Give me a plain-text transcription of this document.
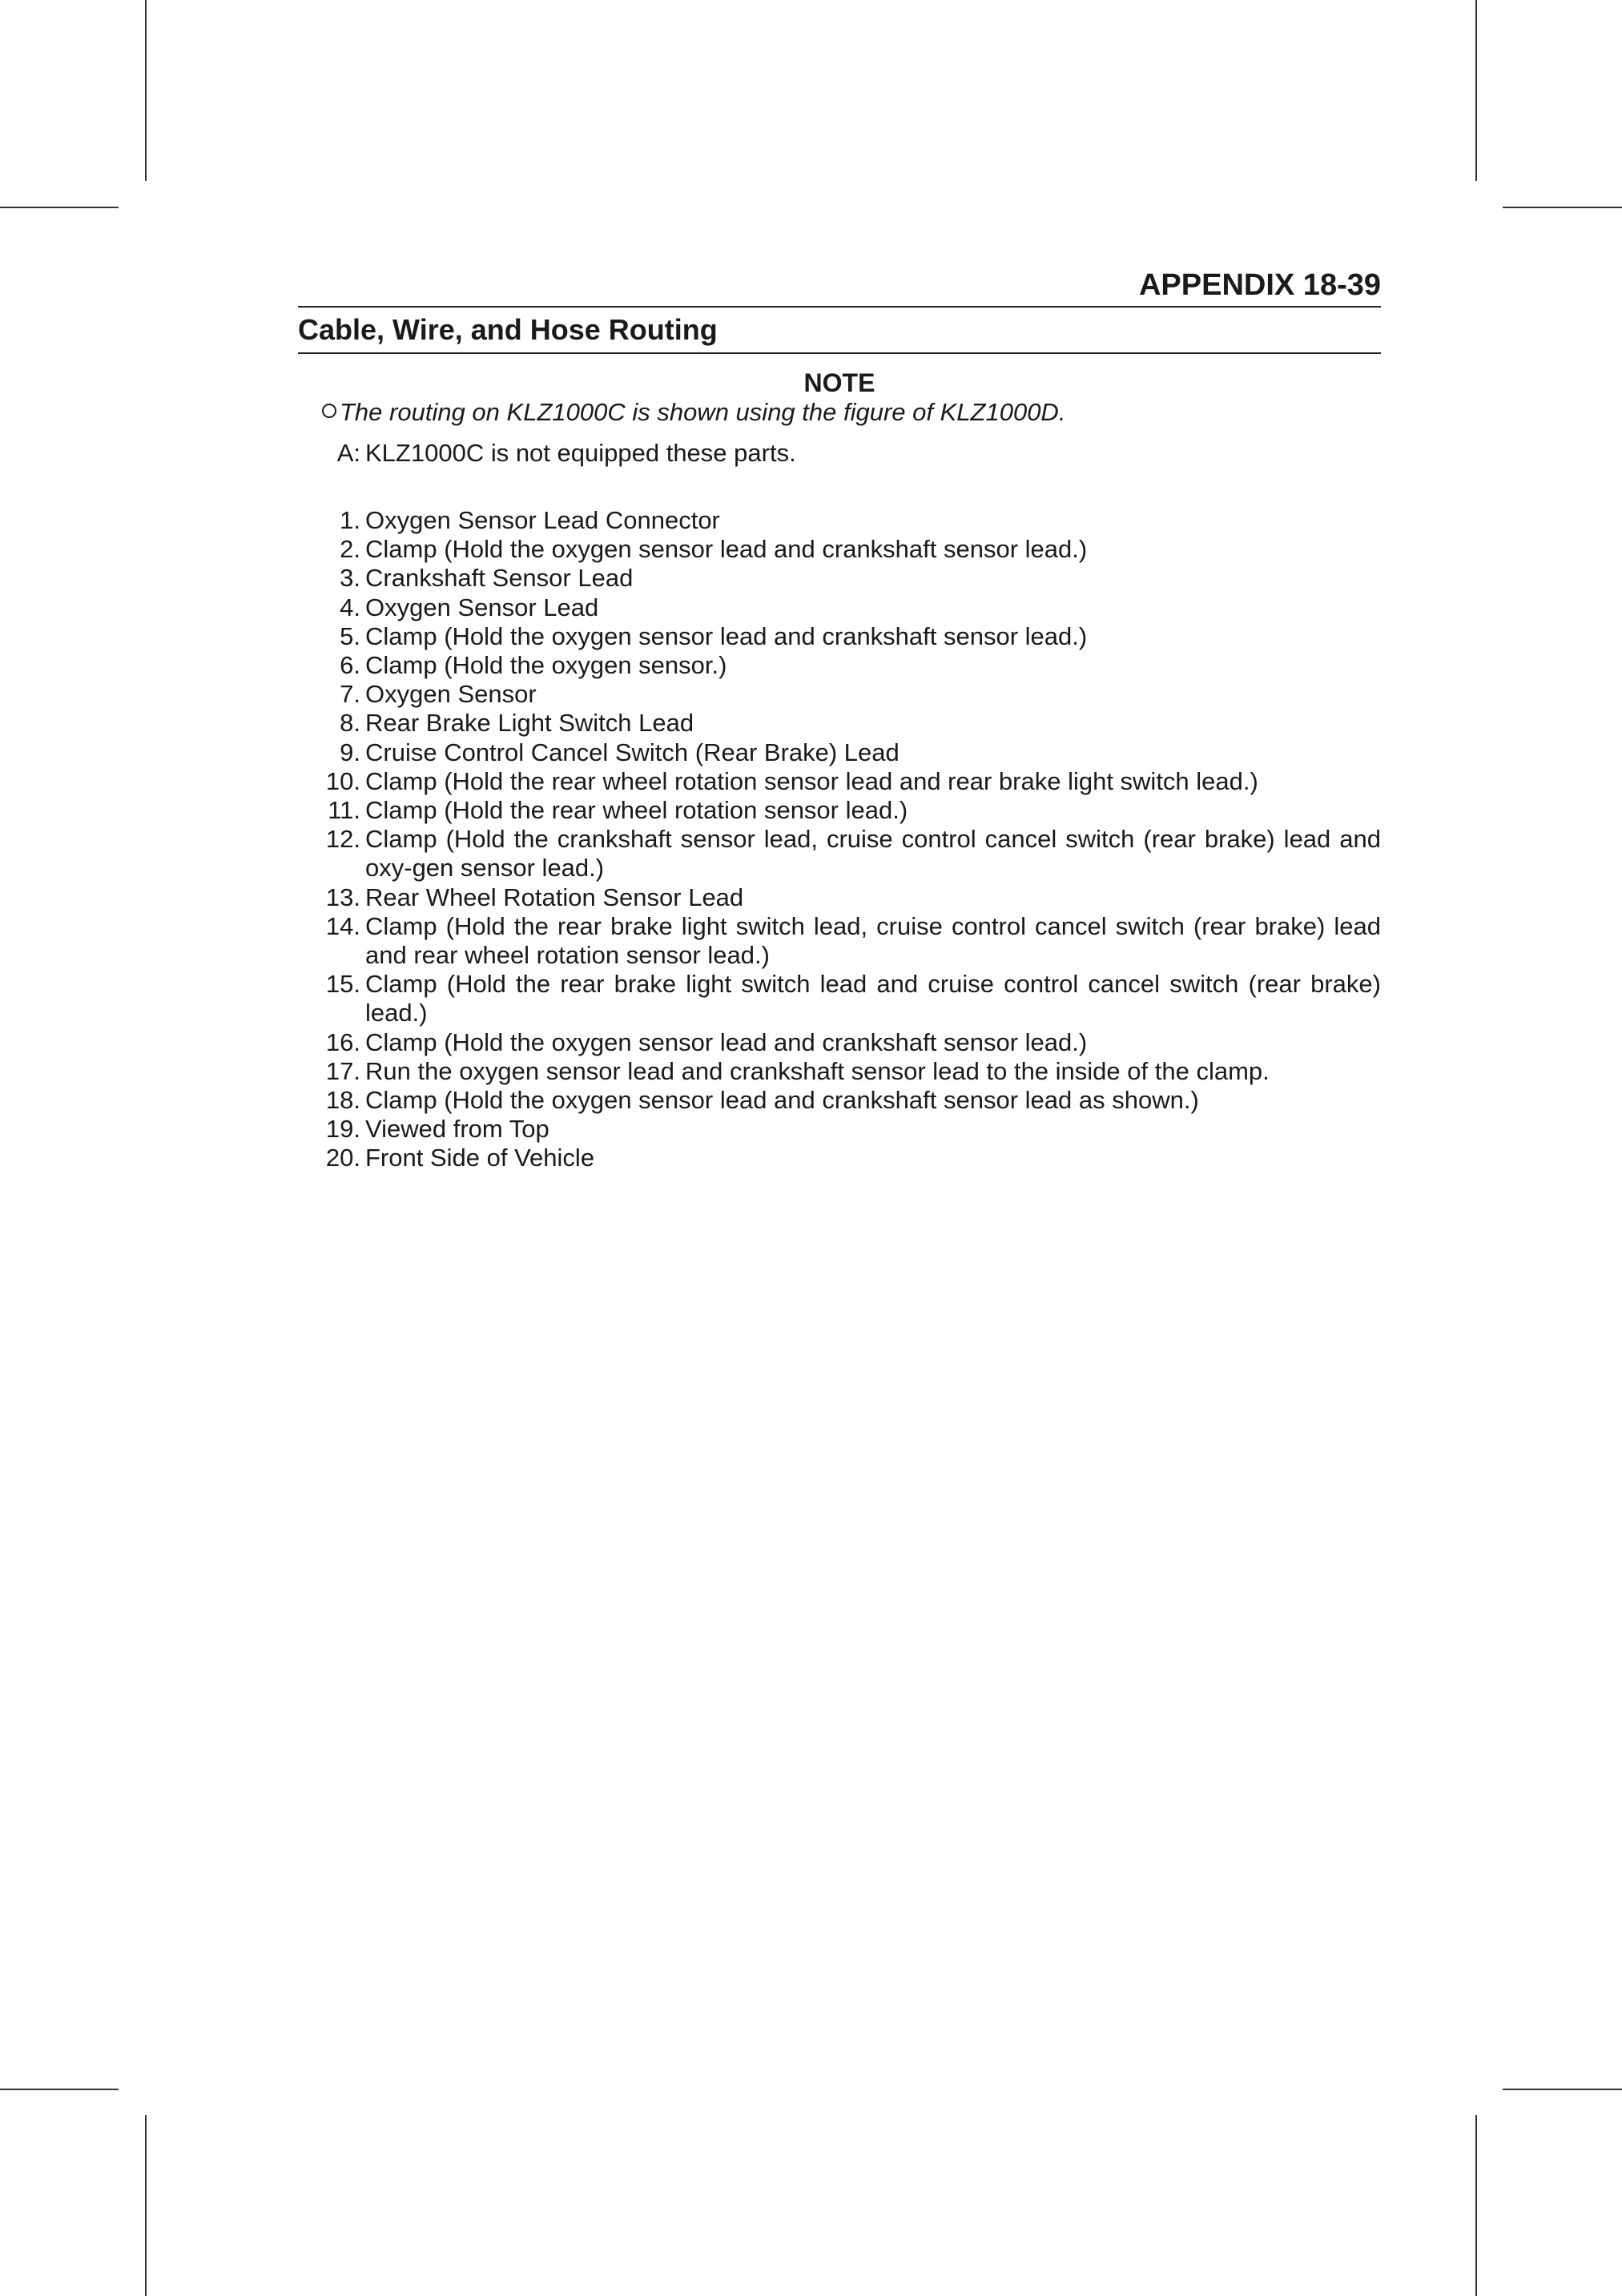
APPENDIX 18-39
Cable, Wire, and Hose Routing
NOTE
The routing on KLZ1000C is shown using the figure of KLZ1000D.
A: KLZ1000C is not equipped these parts.
1. Oxygen Sensor Lead Connector
2. Clamp (Hold the oxygen sensor lead and crankshaft sensor lead.)
3. Crankshaft Sensor Lead
4. Oxygen Sensor Lead
5. Clamp (Hold the oxygen sensor lead and crankshaft sensor lead.)
6. Clamp (Hold the oxygen sensor.)
7. Oxygen Sensor
8. Rear Brake Light Switch Lead
9. Cruise Control Cancel Switch (Rear Brake) Lead
10. Clamp (Hold the rear wheel rotation sensor lead and rear brake light switch lead.)
11. Clamp (Hold the rear wheel rotation sensor lead.)
12. Clamp (Hold the crankshaft sensor lead, cruise control cancel switch (rear brake) lead and oxy-gen sensor lead.)
13. Rear Wheel Rotation Sensor Lead
14. Clamp (Hold the rear brake light switch lead, cruise control cancel switch (rear brake) lead and rear wheel rotation sensor lead.)
15. Clamp (Hold the rear brake light switch lead and cruise control cancel switch (rear brake) lead.)
16. Clamp (Hold the oxygen sensor lead and crankshaft sensor lead.)
17. Run the oxygen sensor lead and crankshaft sensor lead to the inside of the clamp.
18. Clamp (Hold the oxygen sensor lead and crankshaft sensor lead as shown.)
19. Viewed from Top
20. Front Side of Vehicle
